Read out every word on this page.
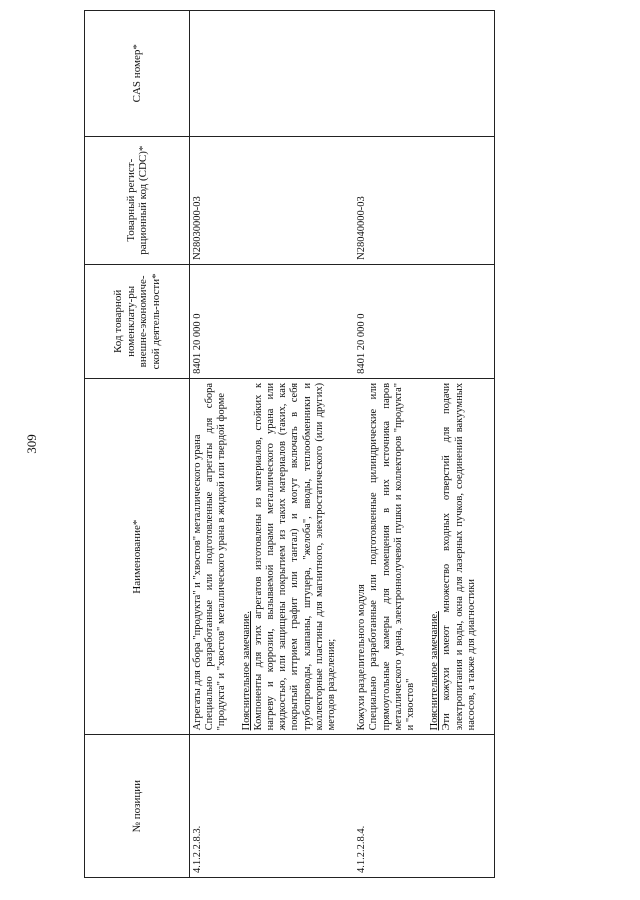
309
№ позиции	Наименование*	Код товарной номенклату-ры внешне-экономиче-ской деятель-ности*	Товарный регист-рационный код (CDC)*	CAS номер*
4.1.2.2.8.3.	Агрегаты для сбора "продукта" и "хвостов" металлического урана Специально разработанные или подготовленные агрегаты для сбора "продукта" и "хвостов" металлического урана в жидкой или твердой форме Пояснительное замечание. Компоненты для этих агрегатов изготовлены из материалов, стойких к нагреву и коррозии, вызываемой парами металлического урана или жидкостью, или защищены покрытием из таких материалов (таких, как покрытый иттрием графит или тантал) и могут включать в себя трубопроводы, клапаны, штуцера, "желоба", вводы, теплообменники и коллекторные пластины для магнитного, электростатического (или других) методов разделения;	8401 20 000 0	N28030000-03	
4.1.2.2.8.4.	Кожухи разделительного модуля Специально разработанные или подготовленные цилиндрические или прямоугольные камеры для помещения в них источника паров металлического урана, электроннолучевой пушки и коллекторов "продукта" и "хвостов" Пояснительное замечание. Эти кожухи имеют множество входных отверстий для подачи электропитания и воды, окна для лазерных пучков, соединений вакуумных насосов, а также для диагностики	8401 20 000 0	N28040000-03	
